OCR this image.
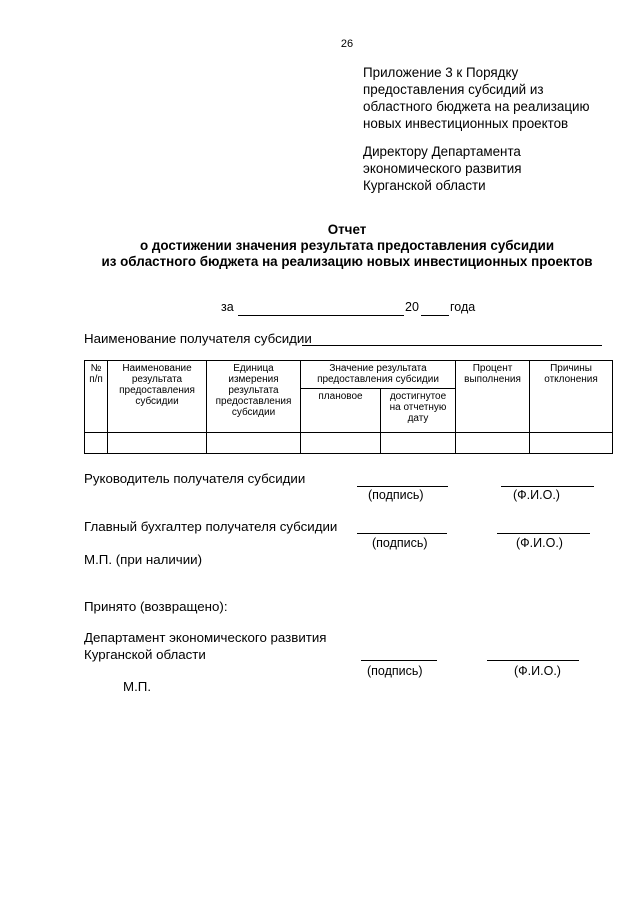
26
Приложение 3 к Порядку
предоставления субсидий из
областного бюджета на реализацию
новых инвестиционных проектов
Директору Департамента
экономического развития
Курганской области
Отчет
о достижении значения результата предоставления субсидии
из областного бюджета на реализацию новых инвестиционных проектов
за	20 года
Наименование получателя субсидии
№ п/п	Наименование результата предоставления субсидии	Единица измерения результата предоставления субсидии	Значение результата предоставления субсидии		Процент выполнения	Причины отклонения
			плановое	достигнутое на отчетную дату		

Руководитель получателя субсидии
(подпись)	(Ф.И.О.)
Главный бухгалтер получателя субсидии
(подпись)	(Ф.И.О.)
М.П. (при наличии)
Принято (возвращено):
Департамент экономического развития
Курганской области
(подпись)	(Ф.И.О.)
М.П.
